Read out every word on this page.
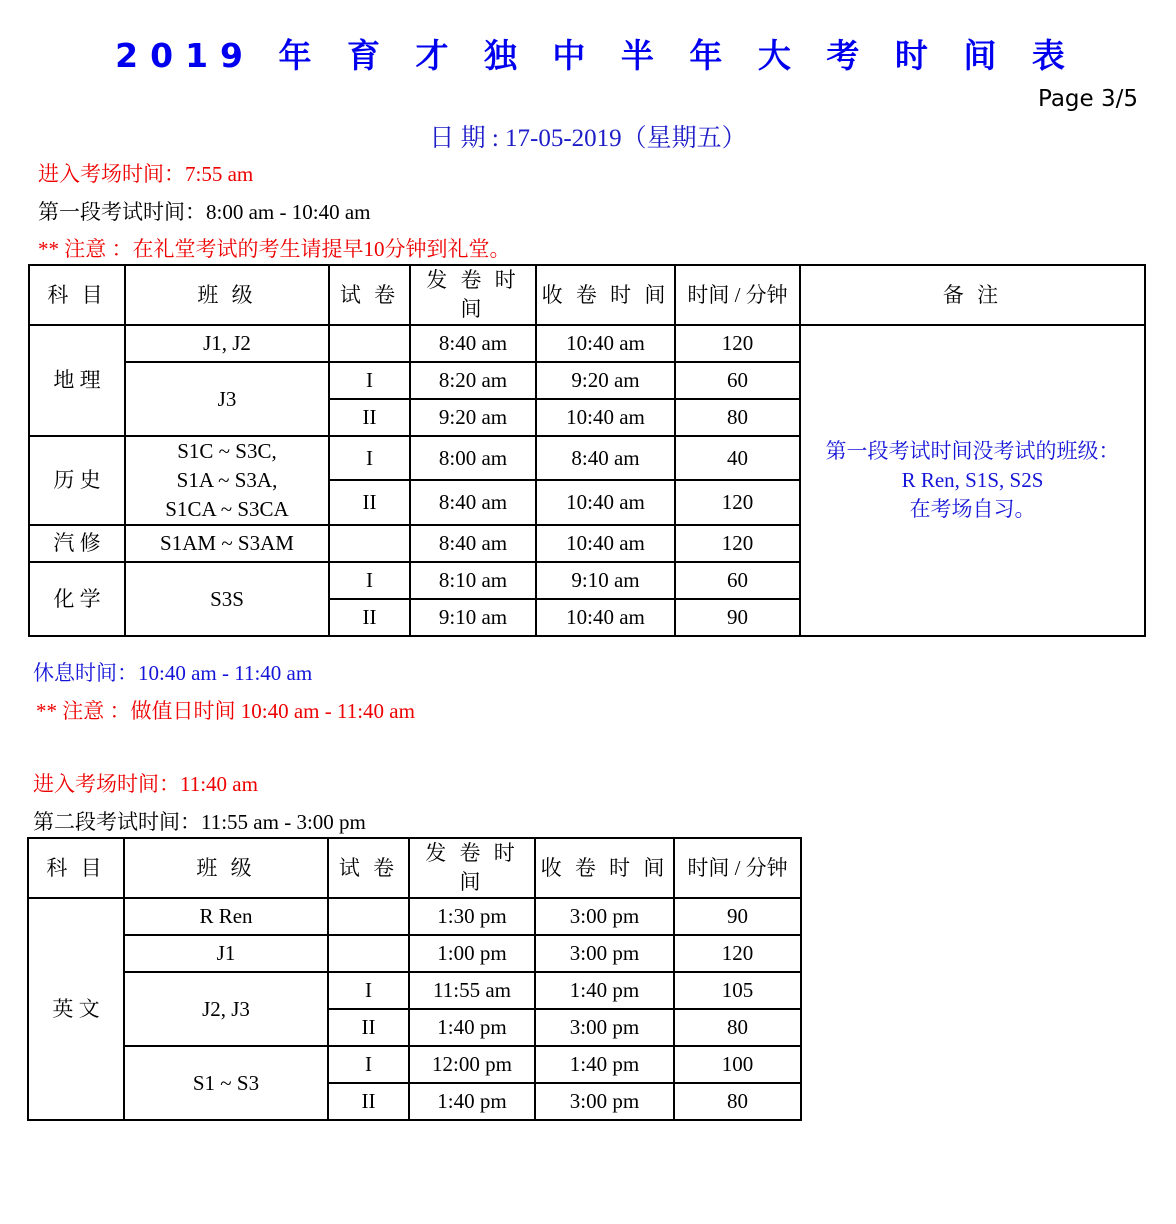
2019 年 育 才 独 中 半 年 大 考 时 间 表
Page 3/5
日 期 : 17-05-2019（星期五）
进入考场时间：7:55 am
第一段考试时间：8:00 am - 10:40 am
** 注意 ：在礼堂考试的考生请提早10分钟到礼堂。
科 目	班 级	试 卷	发 卷 时 间	收 卷 时 间	时间 / 分钟	备 注
地 理	J1, J2		8:40 am	10:40 am	120	第一段考试时间没考试的班级：
R Ren, S1S, S2S
在考场自习。

	J3	I	8:20 am	9:20 am	60	
		II	9:20 am	10:40 am	80	
历 史	S1C ~ S3C,
S1A ~ S3A,
S1CA ~ S3CA	I	8:00 am	8:40 am	40	
		II	8:40 am	10:40 am	120	
汽 修	S1AM ~ S3AM		8:40 am	10:40 am	120	
化 学	S3S	I	8:10 am	9:10 am	60	
		II	9:10 am	10:40 am	90	
休息时间：10:40 am - 11:40 am
** 注意 ：做值日时间 10:40 am - 11:40 am
进入考场时间：11:40 am
第二段考试时间：11:55 am - 3:00 pm
科 目	班 级	试 卷	发 卷 时 间	收 卷 时 间	时间 / 分钟
英 文	R Ren		1:30 pm	3:00 pm	90
	J1		1:00 pm	3:00 pm	120
	J2, J3	I	11:55 am	1:40 pm	105
		II	1:40 pm	3:00 pm	80
	S1 ~ S3	I	12:00 pm	1:40 pm	100
		II	1:40 pm	3:00 pm	80
